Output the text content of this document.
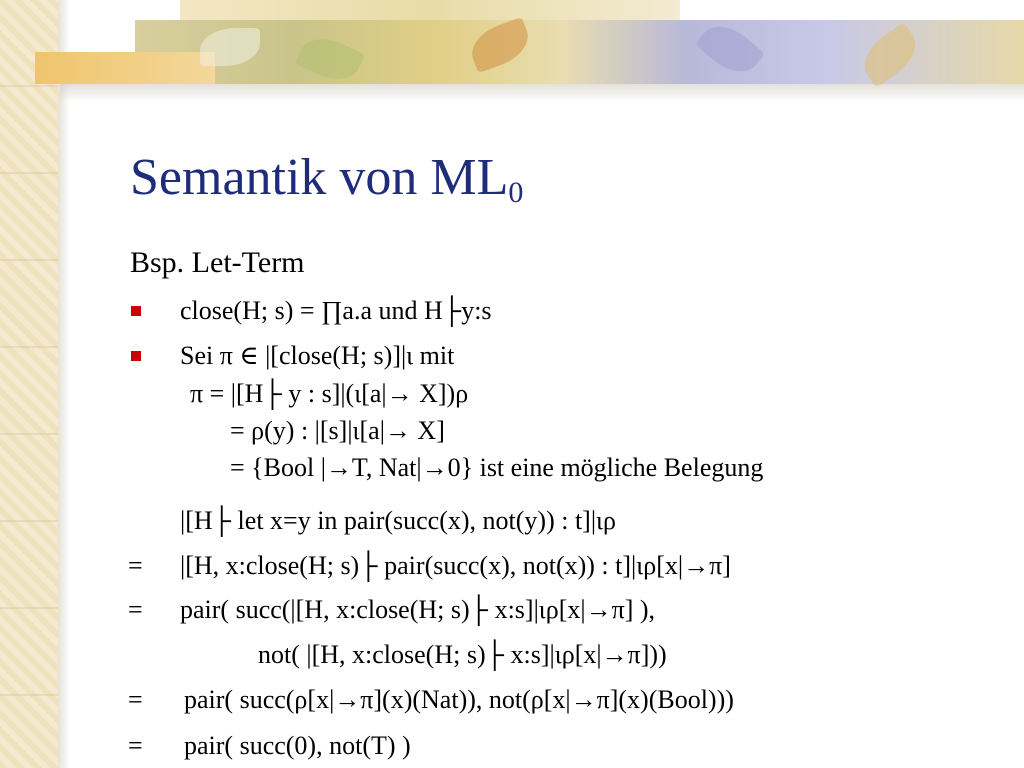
Semantik von $ML_0$
Bsp. Let-Term
close(H; s) = ∏a.a und H├y:s
Sei π ∈ |[close(H; s)]|ι mit
π = |[H├ y : s]|(ι[a|→ X])ρ
= ρ(y) : |[s]|ι[a|→ X]
= {Bool |→T, Nat|→0} ist eine mögliche Belegung
|[H├ let x=y in pair(succ(x), not(y)) : t]|ιρ
= |[H, x:close(H; s)├ pair(succ(x), not(x)) : t]|ιρ[x|→π]
= pair( succ(|[H, x:close(H; s)├ x:s]|ιρ[x|→π] ),
not( |[H, x:close(H; s)├ x:s]|ιρ[x|→π]))
= pair( succ(ρ[x|→π](x)(Nat)), not(ρ[x|→π](x)(Bool)))
= pair( succ(0), not(T) )
